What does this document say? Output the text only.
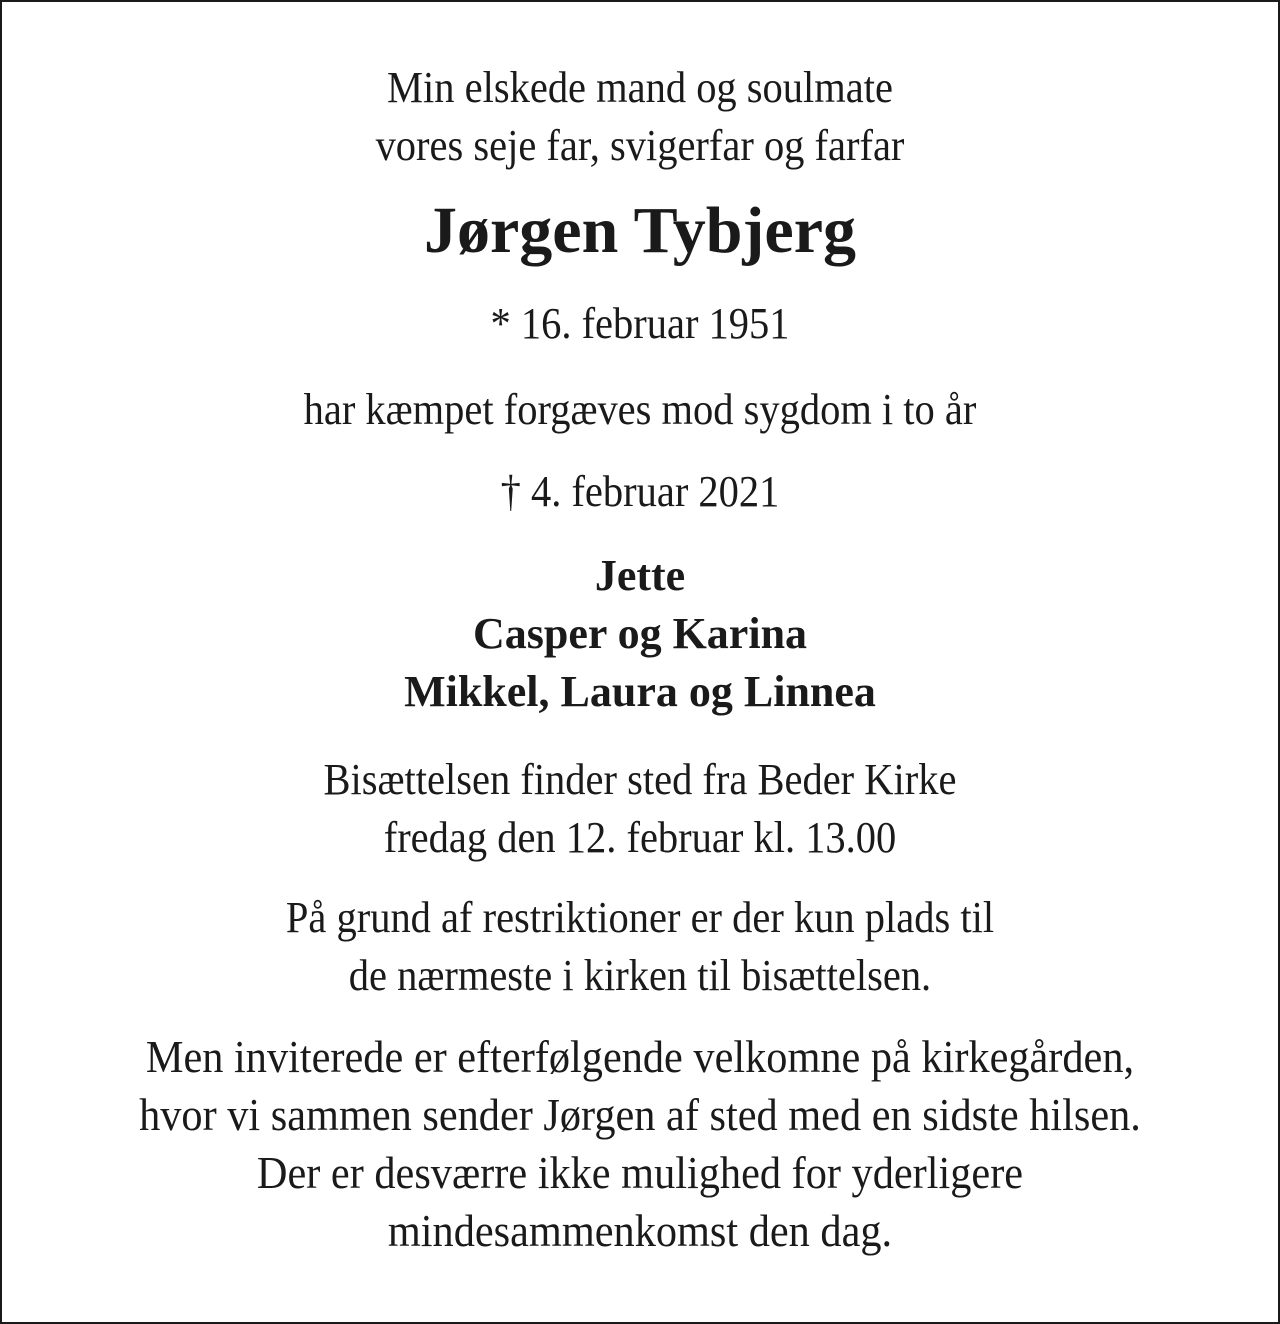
Min elskede mand og soulmate
vores seje far, svigerfar og farfar
Jørgen Tybjerg
* 16. februar 1951
har kæmpet forgæves mod sygdom i to år
† 4. februar 2021
Jette
Casper og Karina
Mikkel, Laura og Linnea
Bisættelsen finder sted fra Beder Kirke
fredag den 12. februar kl. 13.00
På grund af restriktioner er der kun plads til
de nærmeste i kirken til bisættelsen.
Men inviterede er efterfølgende velkomne på kirkegården,
hvor vi sammen sender Jørgen af sted med en sidste hilsen.
Der er desværre ikke mulighed for yderligere
mindesammenkomst den dag.
